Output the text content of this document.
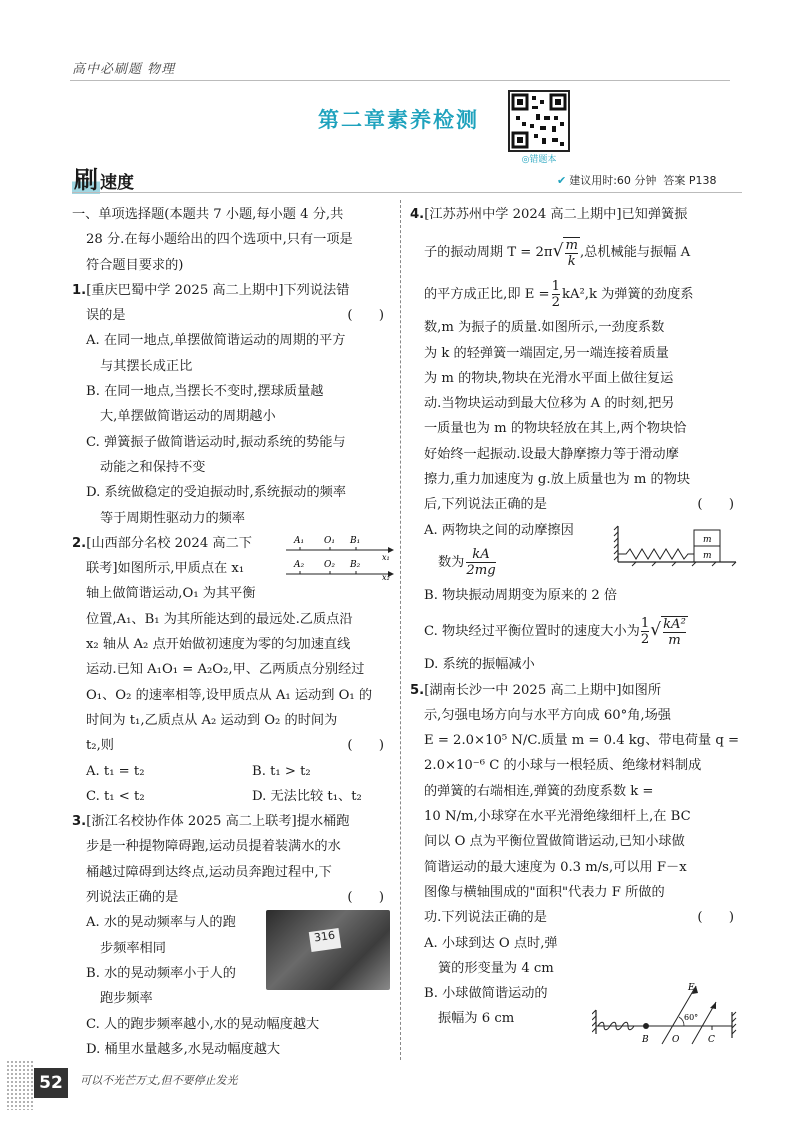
高中必刷题 物理
第二章素养检测
◎错题本
刷 速度	✔ 建议用时:60 分钟 答案 P138
一、单项选择题(本题共 7 小题,每小题 4 分,共
28 分.在每小题给出的四个选项中,只有一项是
符合题目要求的)
1.[重庆巴蜀中学 2025 高二上期中]下列说法错
误的是	(　　)
A. 在同一地点,单摆做简谐运动的周期的平方
与其摆长成正比
B. 在同一地点,当摆长不变时,摆球质量越
大,单摆做简谐运动的周期越小
C. 弹簧振子做简谐运动时,振动系统的势能与
动能之和保持不变
D. 系统做稳定的受迫振动时,系统振动的频率
等于周期性驱动力的频率
2.[山西部分名校 2024 高二下
联考]如图所示,甲质点在 x₁
轴上做简谐运动,O₁ 为其平衡
位置,A₁、B₁ 为其所能达到的最远处.乙质点沿
x₂ 轴从 A₂ 点开始做初速度为零的匀加速直线
运动.已知 A₁O₁ = A₂O₂,甲、乙两质点分别经过
O₁、O₂ 的速率相等,设甲质点从 A₁ 运动到 O₁ 的
时间为 t₁,乙质点从 A₂ 运动到 O₂ 的时间为
t₂,则	(　　)
A. t₁ = t₂	B. t₁ > t₂
C. t₁ < t₂	D. 无法比较 t₁、t₂
3.[浙江名校协作体 2025 高二上联考]提水桶跑
步是一种提物障碍跑,运动员提着装满水的水
桶越过障碍到达终点,运动员奔跑过程中,下
列说法正确的是	(　　)
A. 水的晃动频率与人的跑
步频率相同
B. 水的晃动频率小于人的
跑步频率
C. 人的跑步频率越小,水的晃动幅度越大
D. 桶里水量越多,水晃动幅度越大
A₁ O₁ B₁
x₁
A₂ O₂ B₂
x₂
316
4.[江苏苏州中学 2024 高二上期中]已知弹簧振
子的振动周期 $T = 2\pi√ \frac{m}{k}$ ,总机械能与振幅 A
的平方成正比,即 $E = \frac{1}{2} kA^2,k$ 为弹簧的劲度系
数,m 为振子的质量.如图所示,一劲度系数
为 k 的轻弹簧一端固定,另一端连接着质量
为 m 的物块,物块在光滑水平面上做往复运
动.当物块运动到最大位移为 A 的时刻,把另
一质量也为 m 的物块轻放在其上,两个物块恰
好始终一起振动.设最大静摩擦力等于滑动摩
擦力,重力加速度为 g.放上质量也为 m 的物块
后,下列说法正确的是	(　　)
A. 两物块之间的动摩擦因
数为 $\frac{kA}{2mg}$
B. 物块振动周期变为原来的 2 倍
C. 物块经过平衡位置时的速度大小为 $\frac{1}{2}$ √ $\frac{\text{kA²}}{m}$
D. 系统的振幅减小
5.[湖南长沙一中 2025 高二上期中]如图所
示,匀强电场方向与水平方向成 60°角,场强
E = 2.0×10⁵ N/C.质量 m = 0.4 kg、带电荷量 q =
2.0×10⁻⁶ C 的小球与一根轻质、绝缘材料制成
的弹簧的右端相连,弹簧的劲度系数 k =
10 N/m,小球穿在水平光滑绝缘细杆上,在 BC
间以 O 点为平衡位置做简谐运动,已知小球做
简谐运动的最大速度为 0.3 m/s,可以用 F－x
图像与横轴围成的"面积"代表力 F 所做的
功.下列说法正确的是	(　　)
A. 小球到达 O 点时,弹
簧的形变量为 4 cm
B. 小球做简谐运动的
振幅为 6 cm
m
m
B	O	C
E
60°
52	可以不光芒万丈,但不要停止发光
